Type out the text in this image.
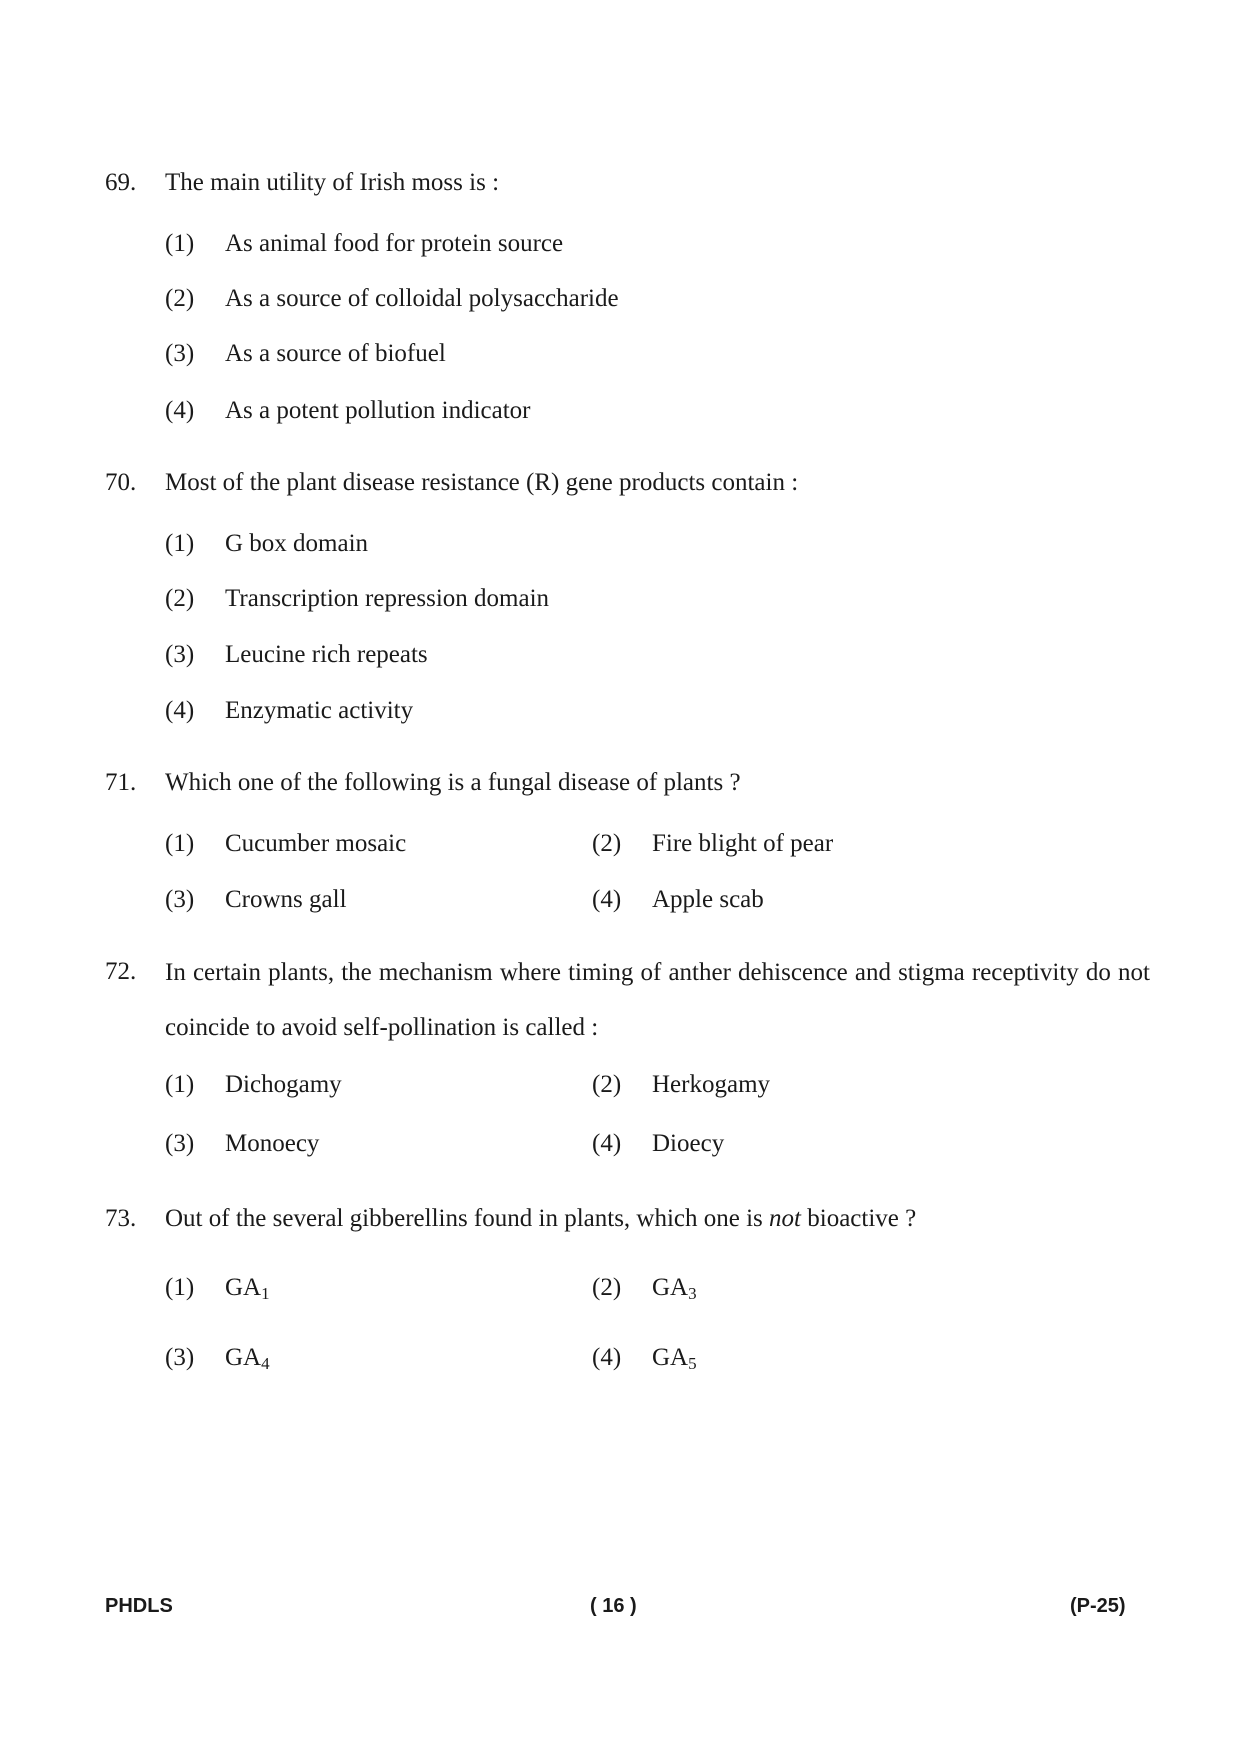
69. The main utility of Irish moss is :
(1) As animal food for protein source
(2) As a source of colloidal polysaccharide
(3) As a source of biofuel
(4) As a potent pollution indicator
70. Most of the plant disease resistance (R) gene products contain :
(1) G box domain
(2) Transcription repression domain
(3) Leucine rich repeats
(4) Enzymatic activity
71. Which one of the following is a fungal disease of plants ?
(1) Cucumber mosaic	(2) Fire blight of pear
(3) Crowns gall	(4) Apple scab
72. In certain plants, the mechanism where timing of anther dehiscence and stigma receptivity do not coincide to avoid self-pollination is called :
(1) Dichogamy	(2) Herkogamy
(3) Monoecy	(4) Dioecy
73. Out of the several gibberellins found in plants, which one is not bioactive ?
(1) $GA_1$	(2) $GA_3$
(3) $GA_4$	(4) $GA_5$
PHDLS	( 16 )	(P-25)
